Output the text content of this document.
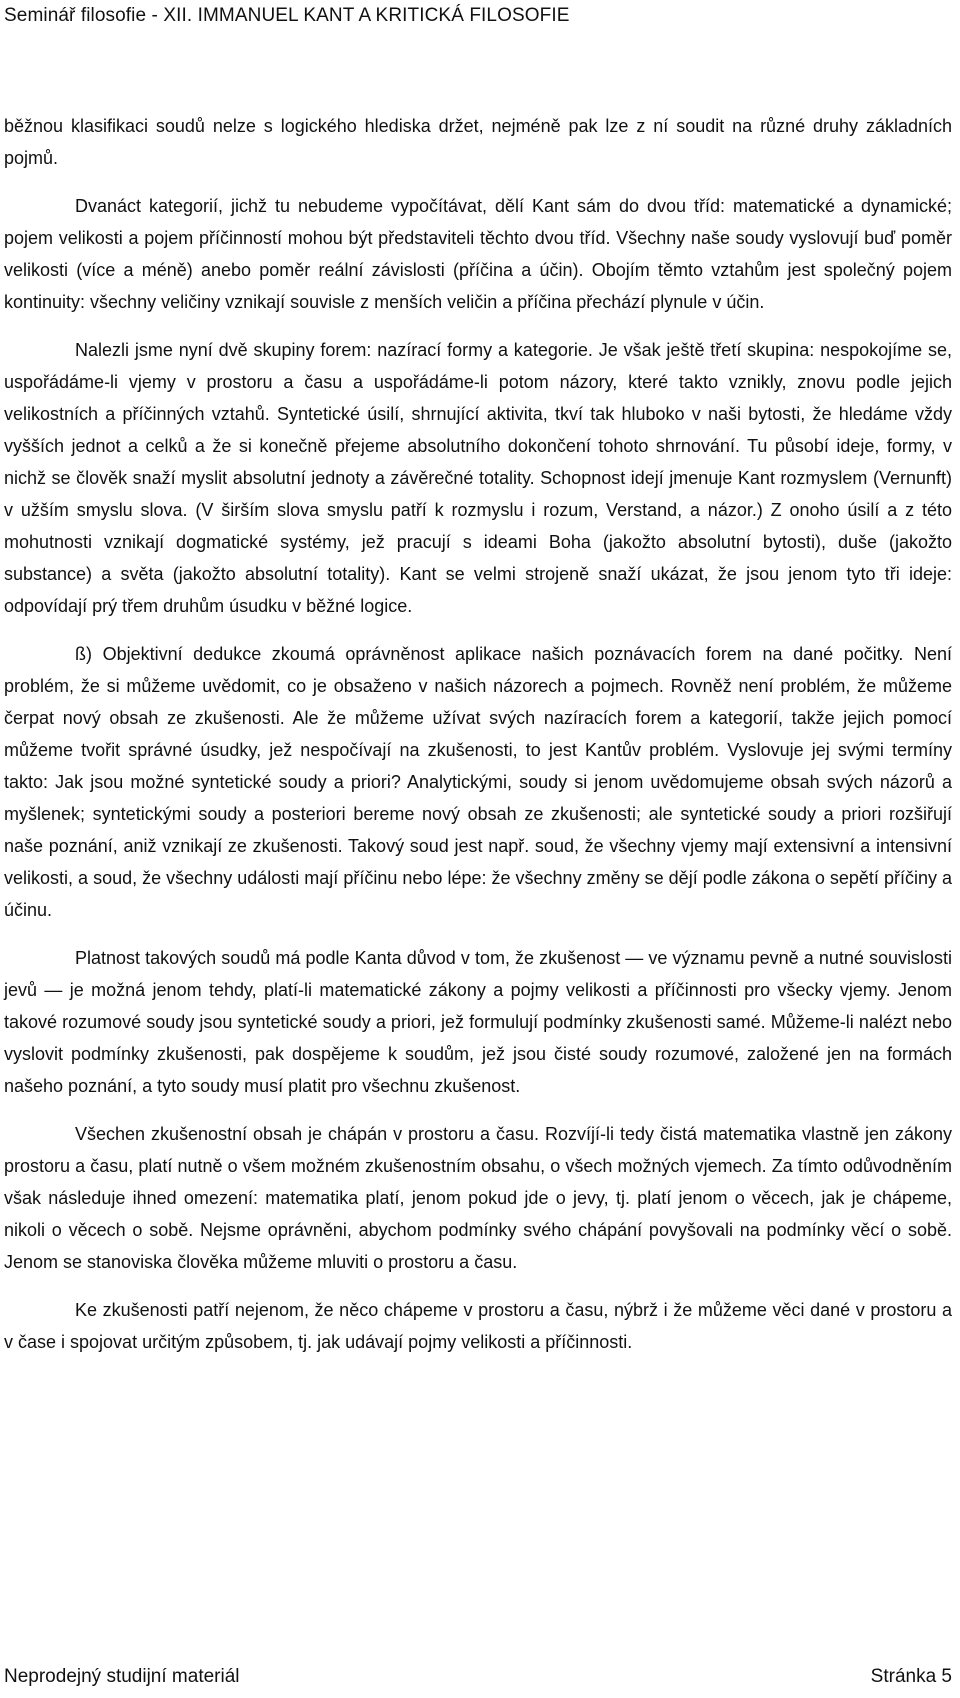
Seminář filosofie - XII. IMMANUEL KANT A KRITICKÁ FILOSOFIE

běžnou klasifikaci soudů nelze s logického hlediska držet, nejméně pak lze z ní soudit na různé druhy základních pojmů.

Dvanáct kategorií, jichž tu nebudeme vypočítávat, dělí Kant sám do dvou tříd: matematické a dynamické; pojem velikosti a pojem příčinností mohou být představiteli těchto dvou tříd. Všechny naše soudy vyslovují buď poměr velikosti (více a méně) anebo poměr reální závislosti (příčina a účin). Obojím těmto vztahům jest společný pojem kontinuity: všechny veličiny vznikají souvisle z menších veličin a příčina přechází plynule v účin.

Nalezli jsme nyní dvě skupiny forem: nazírací formy a kategorie. Je však ještě třetí skupina: nespokojíme se, uspořádáme-li vjemy v prostoru a času a uspořádáme-li potom názory, které takto vznikly, znovu podle jejich velikostních a příčinných vztahů. Syntetické úsilí, shrnující aktivita, tkví tak hluboko v naši bytosti, že hledáme vždy vyšších jednot a celků a že si konečně přejeme absolutního dokončení tohoto shrnování. Tu působí ideje, formy, v nichž se člověk snaží myslit absolutní jednoty a závěrečné totality. Schopnost idejí jmenuje Kant rozmyslem (Vernunft) v užším smyslu slova. (V širším slova smyslu patří k rozmyslu i rozum, Verstand, a názor.) Z onoho úsilí a z této mohutnosti vznikají dogmatické systémy, jež pracují s ideami Boha (jakožto absolutní bytosti), duše (jakožto substance) a světa (jakožto absolutní totality). Kant se velmi strojeně snaží ukázat, že jsou jenom tyto tři ideje: odpovídají prý třem druhům úsudku v běžné logice.

ß) Objektivní dedukce zkoumá oprávněnost aplikace našich poznávacích forem na dané počitky. Není problém, že si můžeme uvědomit, co je obsaženo v našich názorech a pojmech. Rovněž není problém, že můžeme čerpat nový obsah ze zkušenosti. Ale že můžeme užívat svých nazíracích forem a kategorií, takže jejich pomocí můžeme tvořit správné úsudky, jež nespočívají na zkušenosti, to jest Kantův problém. Vyslovuje jej svými termíny takto: Jak jsou možné syntetické soudy a priori? Analytickými, soudy si jenom uvědomujeme obsah svých názorů a myšlenek; syntetickými soudy a posteriori bereme nový obsah ze zkušenosti; ale syntetické soudy a priori rozšiřují naše poznání, aniž vznikají ze zkušenosti. Takový soud jest např. soud, že všechny vjemy mají extensivní a intensivní velikosti, a soud, že všechny události mají příčinu nebo lépe: že všechny změny se dějí podle zákona o sepětí příčiny a účinu.

Platnost takových soudů má podle Kanta důvod v tom, že zkušenost — ve významu pevně a nutné souvislosti jevů — je možná jenom tehdy, platí-li matematické zákony a pojmy velikosti a příčinnosti pro všecky vjemy. Jenom takové rozumové soudy jsou syntetické soudy a priori, jež formulují podmínky zkušenosti samé. Můžeme-li nalézt nebo vyslovit podmínky zkušenosti, pak dospějeme k soudům, jež jsou čisté soudy rozumové, založené jen na formách našeho poznání, a tyto soudy musí platit pro všechnu zkušenost.

Všechen zkušenostní obsah je chápán v prostoru a času. Rozvíjí-li tedy čistá matematika vlastně jen zákony prostoru a času, platí nutně o všem možném zkušenostním obsahu, o všech možných vjemech. Za tímto odůvodněním však následuje ihned omezení: matematika platí, jenom pokud jde o jevy, tj. platí jenom o věcech, jak je chápeme, nikoli o věcech o sobě. Nejsme oprávněni, abychom podmínky svého chápání povyšovali na podmínky věcí o sobě. Jenom se stanoviska člověka můžeme mluviti o prostoru a času.

Ke zkušenosti patří nejenom, že něco chápeme v prostoru a času, nýbrž i že můžeme věci dané v prostoru a v čase i spojovat určitým způsobem, tj. jak udávají pojmy velikosti a příčinnosti.

Neprodejný studijní materiál	Stránka 5
